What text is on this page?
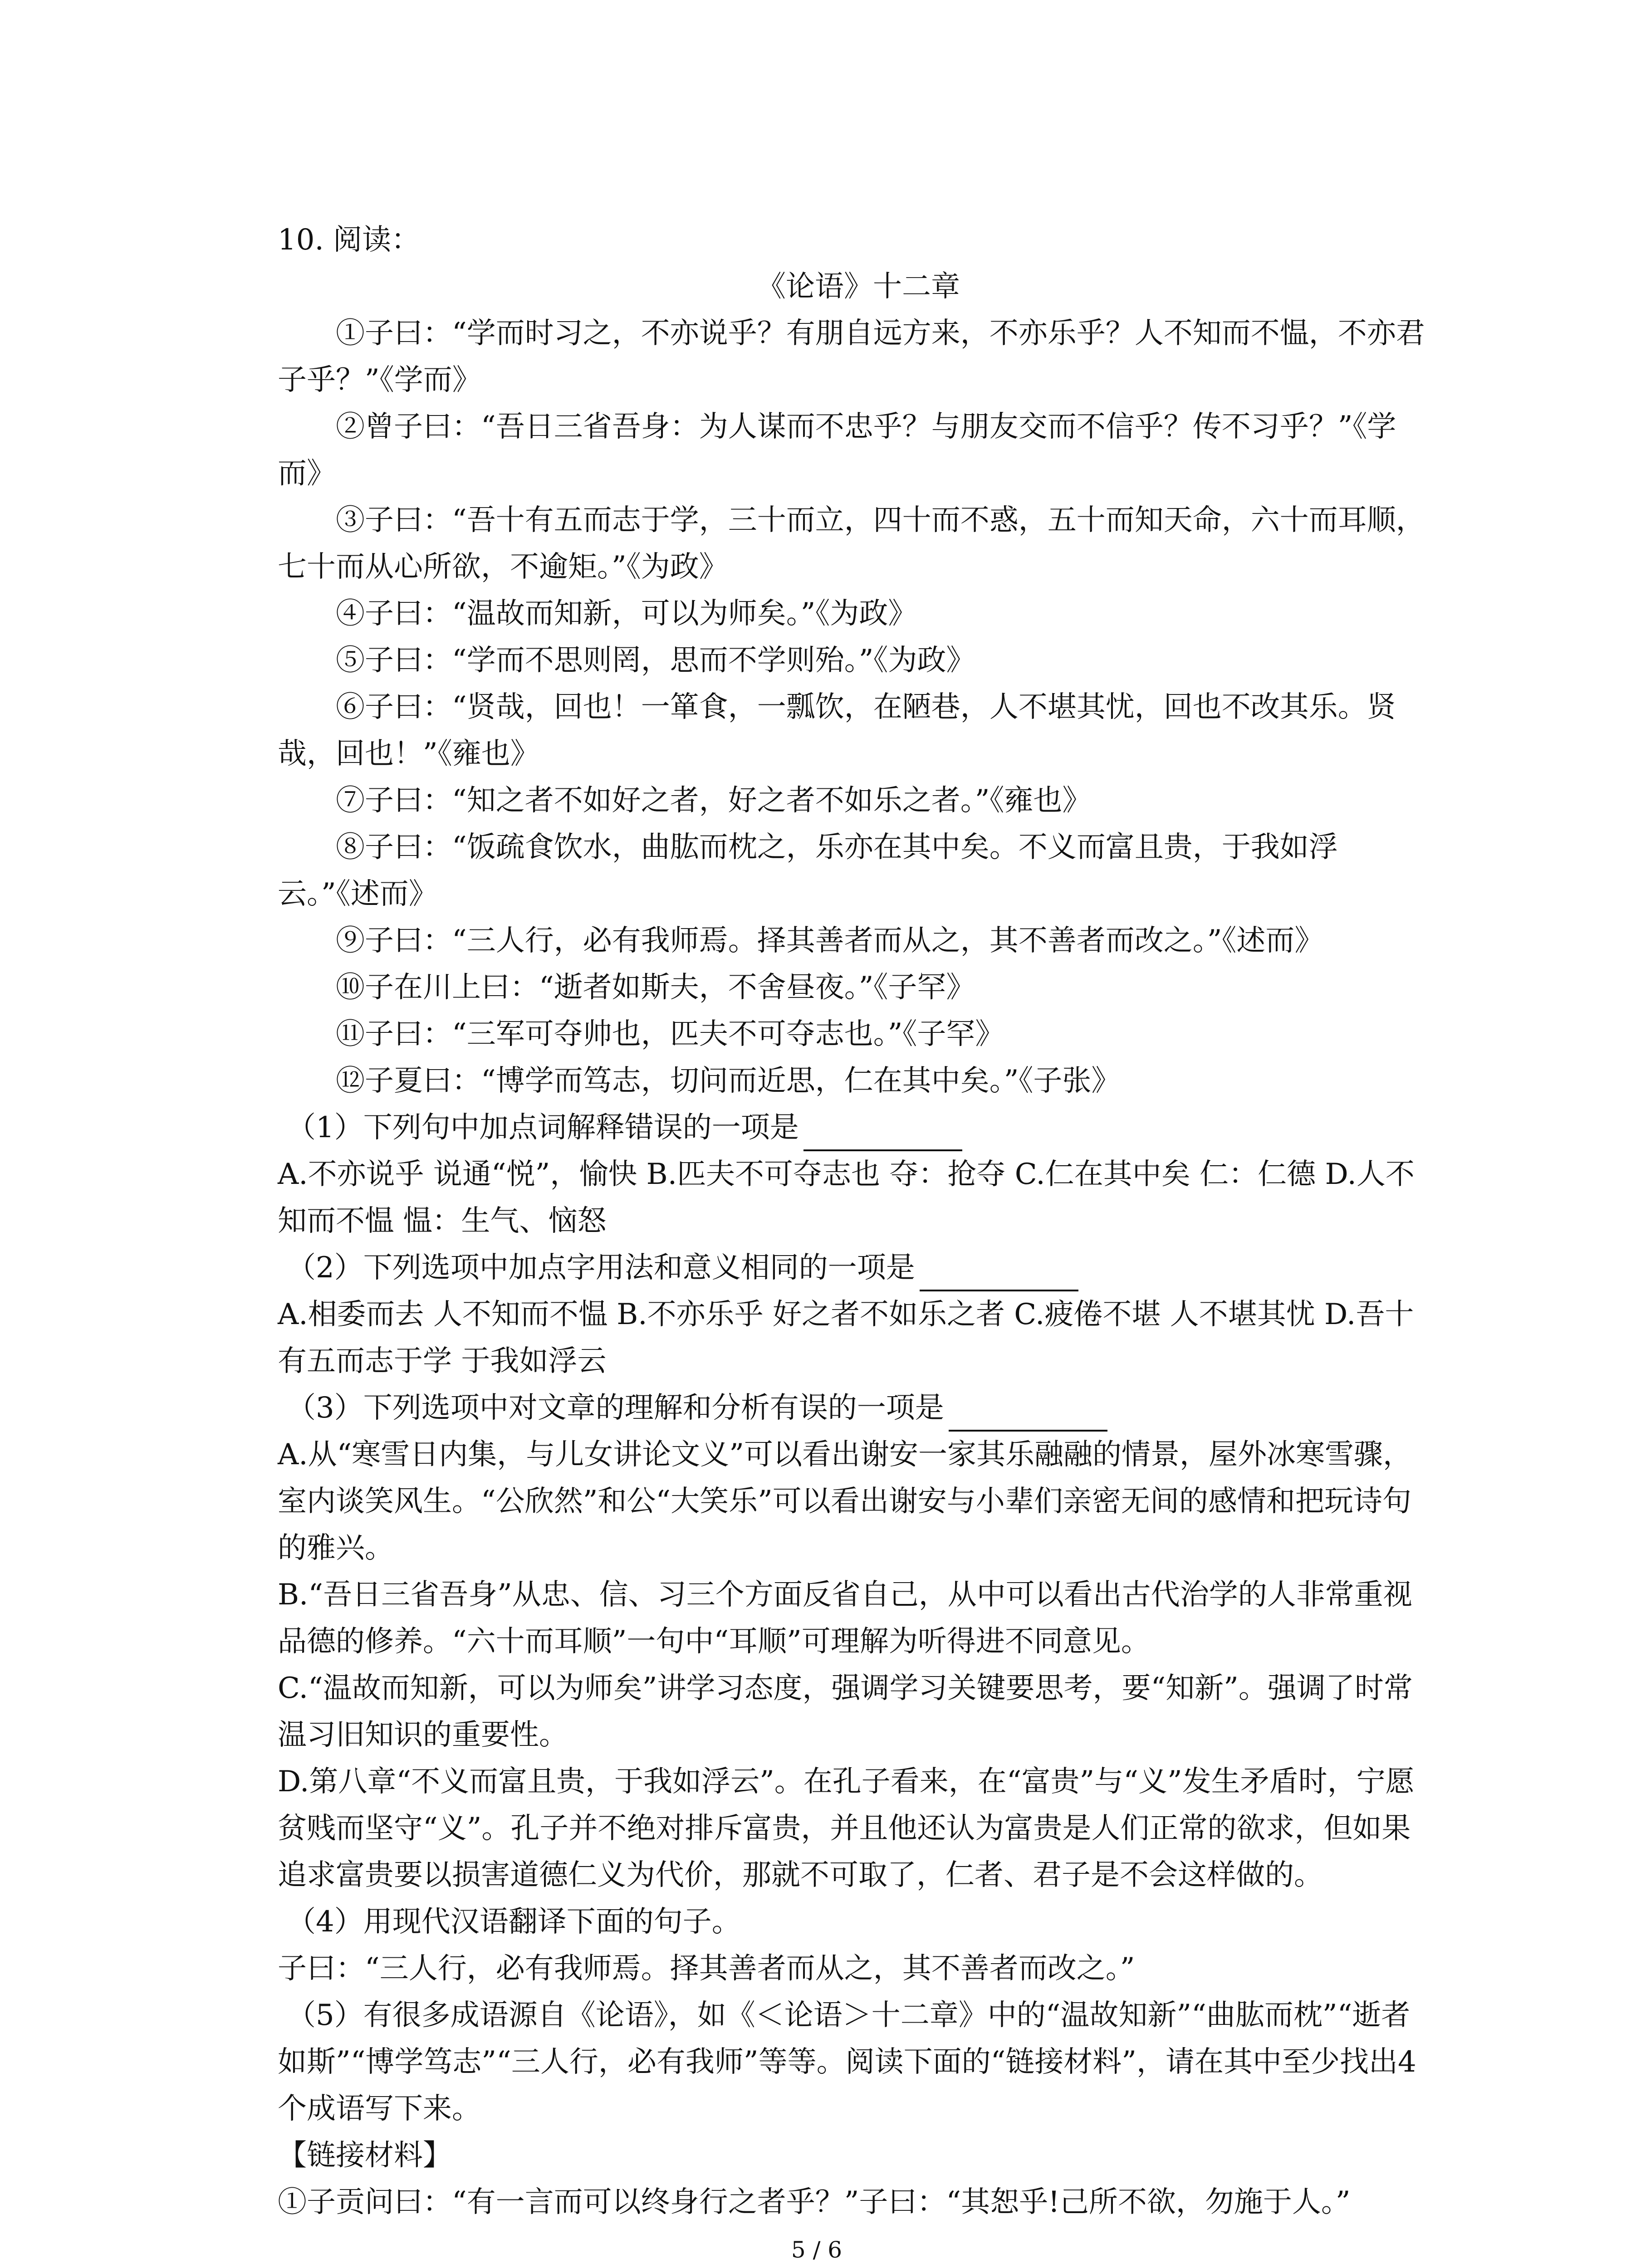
10. 阅读：

《论语》十二章

①子曰：“学而时习之，不亦说乎？有朋自远方来，不亦乐乎？人不知而不愠，不亦君子乎？”《学而》

②曾子曰：“吾日三省吾身：为人谋而不忠乎？与朋友交而不信乎？传不习乎？”《学而》

③子曰：“吾十有五而志于学，三十而立，四十而不惑，五十而知天命，六十而耳顺，七十而从心所欲，不逾矩。”《为政》

④子曰：“温故而知新，可以为师矣。”《为政》

⑤子曰：“学而不思则罔，思而不学则殆。”《为政》

⑥子曰：“贤哉，回也！一箪食，一瓢饮，在陋巷，人不堪其忧，回也不改其乐。贤哉，回也！”《雍也》

⑦子曰：“知之者不如好之者，好之者不如乐之者。”《雍也》

⑧子曰：“饭疏食饮水，曲肱而枕之，乐亦在其中矣。不义而富且贵，于我如浮云。”《述而》

⑨子曰：“三人行，必有我师焉。择其善者而从之，其不善者而改之。”《述而》

⑩子在川上曰：“逝者如斯夫，不舍昼夜。”《子罕》

⑪子曰：“三军可夺帅也，匹夫不可夺志也。”《子罕》

⑫子夏曰：“博学而笃志，切问而近思，仁在其中矣。”《子张》

（1）下列句中加点词解释错误的一项是

A.不亦说乎 说通“悦”，愉快 B.匹夫不可夺志也 夺：抢夺 C.仁在其中矣 仁：仁德 D.人不知而不愠 愠：生气、恼怒

（2）下列选项中加点字用法和意义相同的一项是

A.相委而去 人不知而不愠 B.不亦乐乎 好之者不如乐之者 C.疲倦不堪 人不堪其忧 D.吾十有五而志于学 于我如浮云

（3）下列选项中对文章的理解和分析有误的一项是

A.从“寒雪日内集，与儿女讲论文义”可以看出谢安一家其乐融融的情景，屋外冰寒雪骤，室内谈笑风生。“公欣然”和公“大笑乐”可以看出谢安与小辈们亲密无间的感情和把玩诗句的雅兴。

B.“吾日三省吾身”从忠、信、习三个方面反省自己，从中可以看出古代治学的人非常重视品德的修养。“六十而耳顺”一句中“耳顺”可理解为听得进不同意见。

C.“温故而知新，可以为师矣”讲学习态度，强调学习关键要思考，要“知新”。强调了时常温习旧知识的重要性。

D.第八章“不义而富且贵，于我如浮云”。在孔子看来，在“富贵”与“义”发生矛盾时，宁愿贫贱而坚守“义”。孔子并不绝对排斥富贵，并且他还认为富贵是人们正常的欲求，但如果追求富贵要以损害道德仁义为代价，那就不可取了，仁者、君子是不会这样做的。

（4）用现代汉语翻译下面的句子。

子曰：“三人行，必有我师焉。择其善者而从之，其不善者而改之。”

（5）有很多成语源自《论语》，如《＜论语＞十二章》中的“温故知新”“曲肱而枕”“逝者如斯”“博学笃志”“三人行，必有我师”等等。阅读下面的“链接材料”，请在其中至少找出4个成语写下来。

【链接材料】

①子贡问曰：“有一言而可以终身行之者乎？”子曰：“其恕乎!己所不欲，勿施于人。”

5 / 6
